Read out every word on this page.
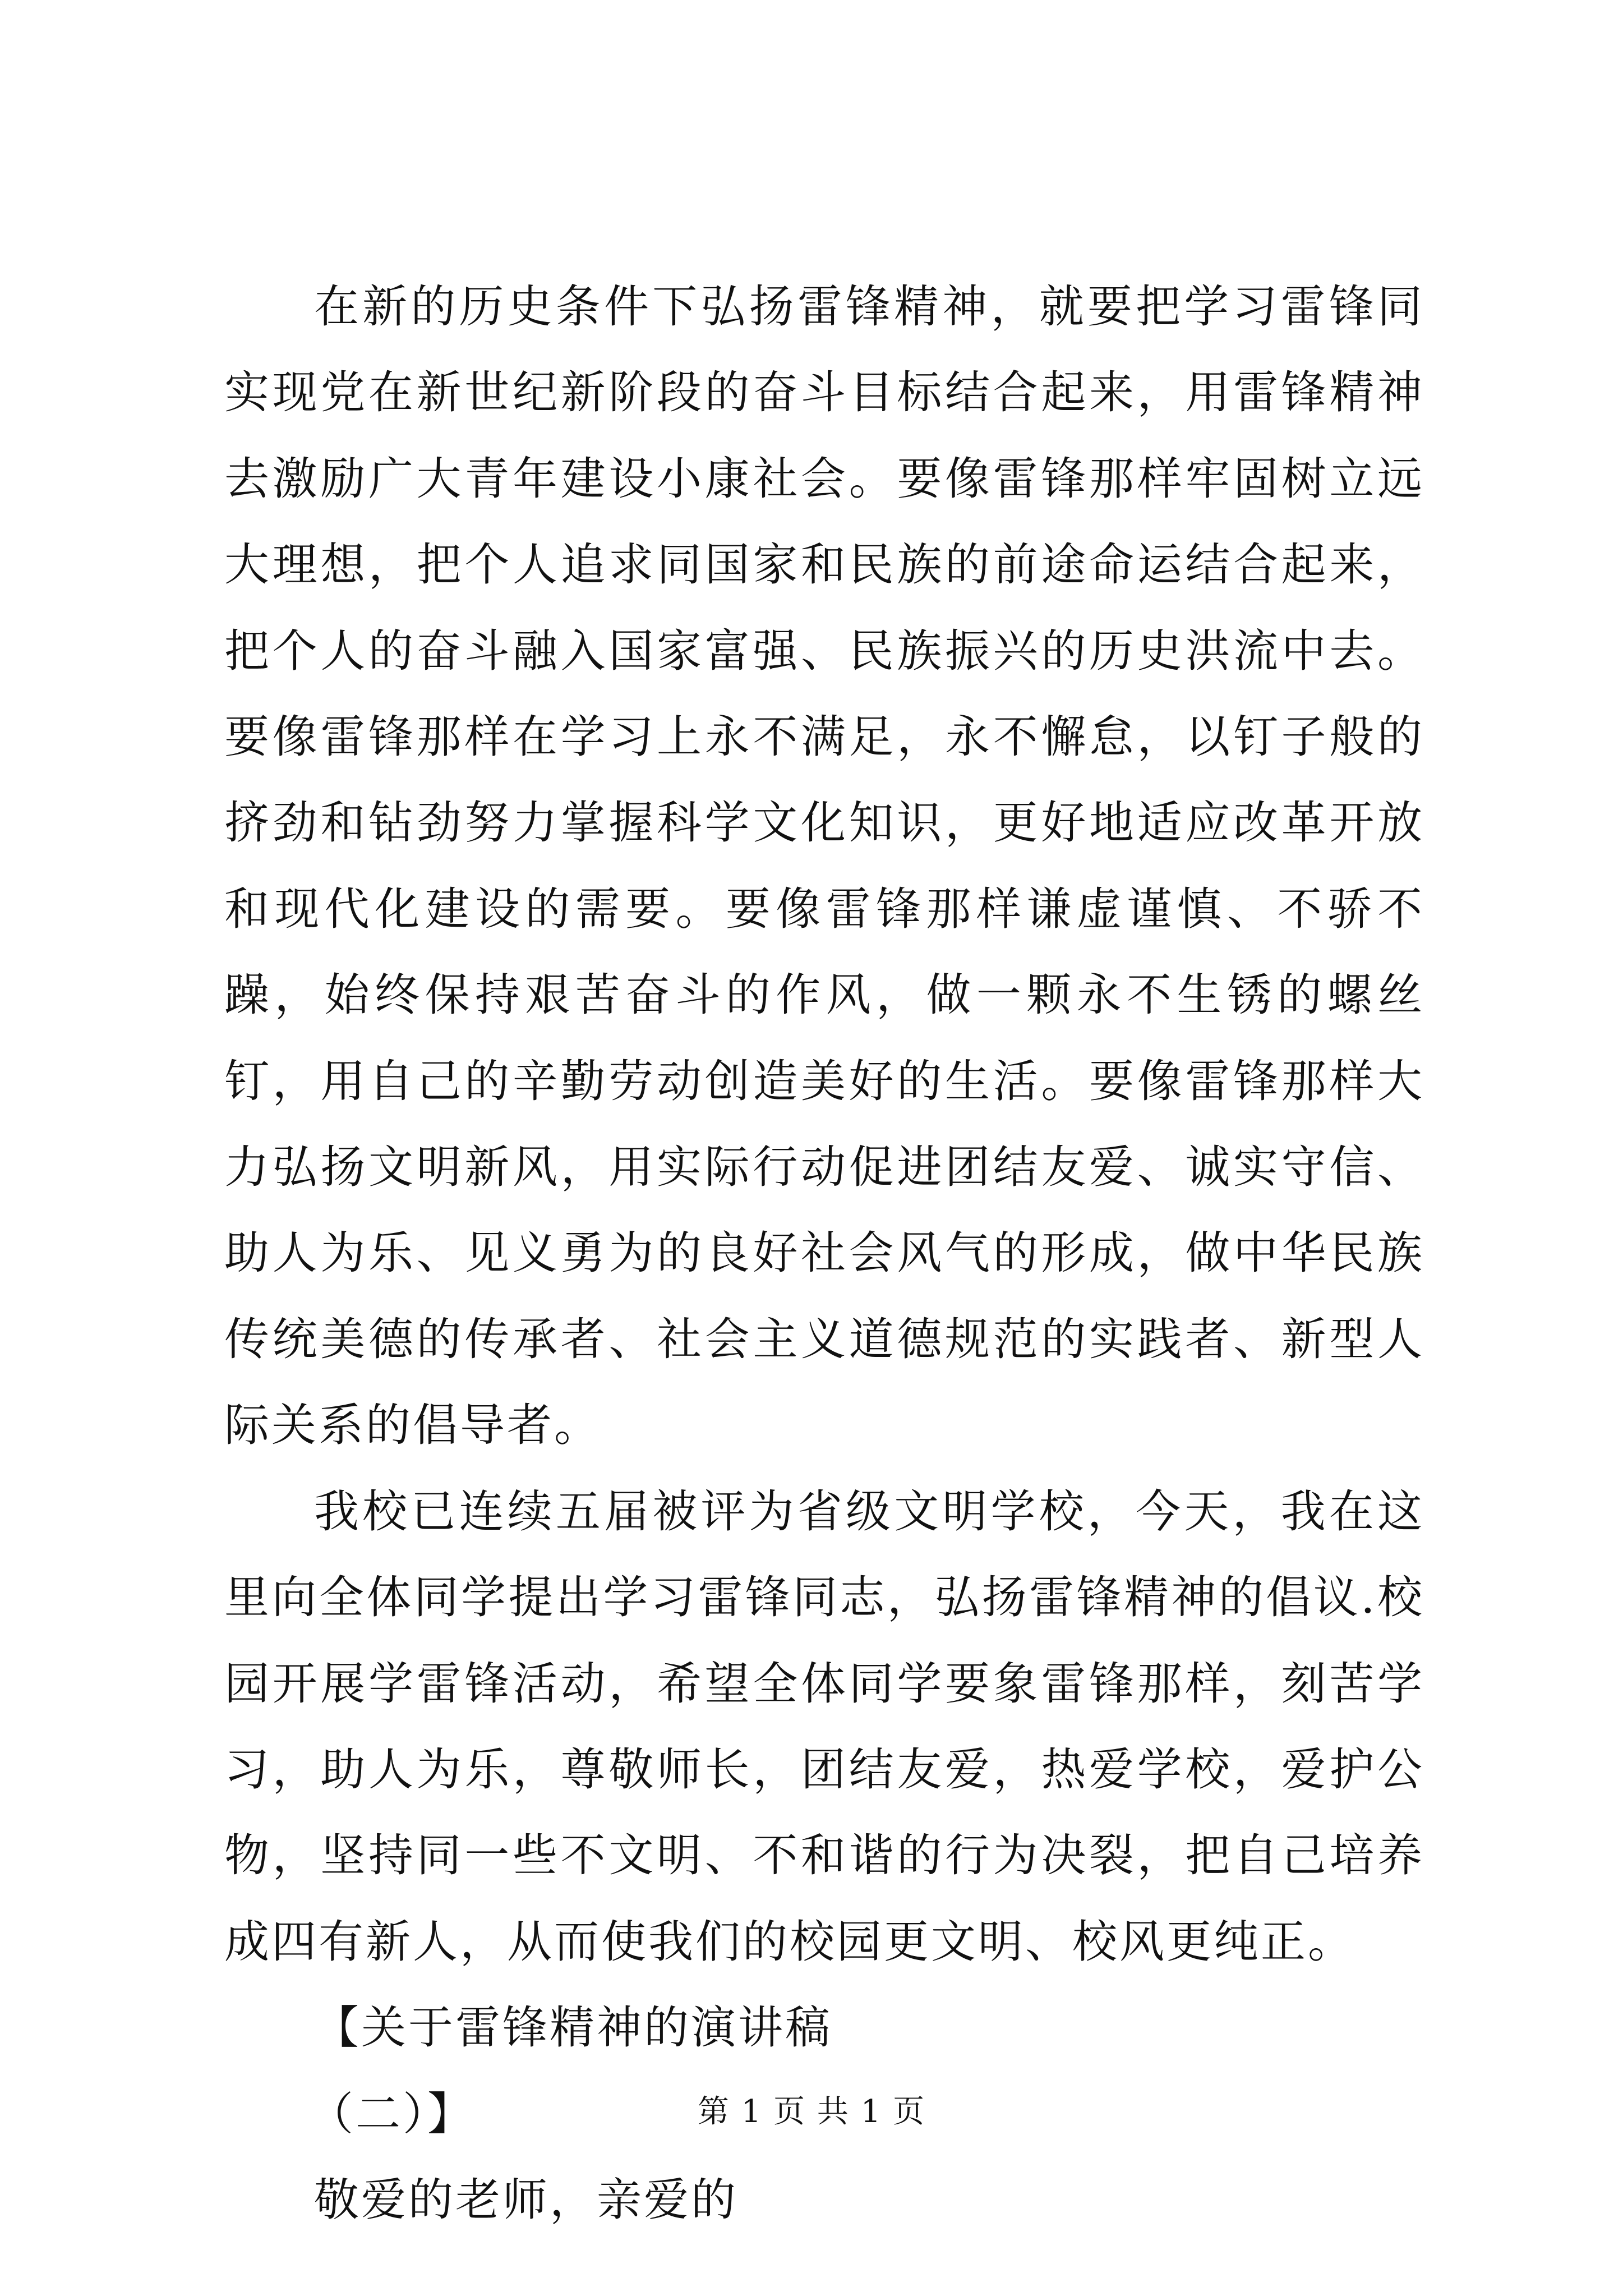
在新的历史条件下弘扬雷锋精神，就要把学习雷锋同实现党在新世纪新阶段的奋斗目标结合起来，用雷锋精神去激励广大青年建设小康社会。要像雷锋那样牢固树立远大理想，把个人追求同国家和民族的前途命运结合起来，把个人的奋斗融入国家富强、民族振兴的历史洪流中去。要像雷锋那样在学习上永不满足，永不懈怠，以钉子般的挤劲和钻劲努力掌握科学文化知识，更好地适应改革开放和现代化建设的需要。要像雷锋那样谦虚谨慎、不骄不躁，始终保持艰苦奋斗的作风，做一颗永不生锈的螺丝钉，用自己的辛勤劳动创造美好的生活。要像雷锋那样大力弘扬文明新风，用实际行动促进团结友爱、诚实守信、助人为乐、见义勇为的良好社会风气的形成，做中华民族传统美德的传承者、社会主义道德规范的实践者、新型人际关系的倡导者。

我校已连续五届被评为省级文明学校，今天，我在这里向全体同学提出学习雷锋同志，弘扬雷锋精神的倡议.校园开展学雷锋活动，希望全体同学要象雷锋那样，刻苦学习，助人为乐，尊敬师长，团结友爱，热爱学校，爱护公物，坚持同一些不文明、不和谐的行为决裂，把自己培养成四有新人，从而使我们的校园更文明、校风更纯正。

【关于雷锋精神的演讲稿

（二）】

敬爱的老师，亲爱的

第 1 页 共 1 页
